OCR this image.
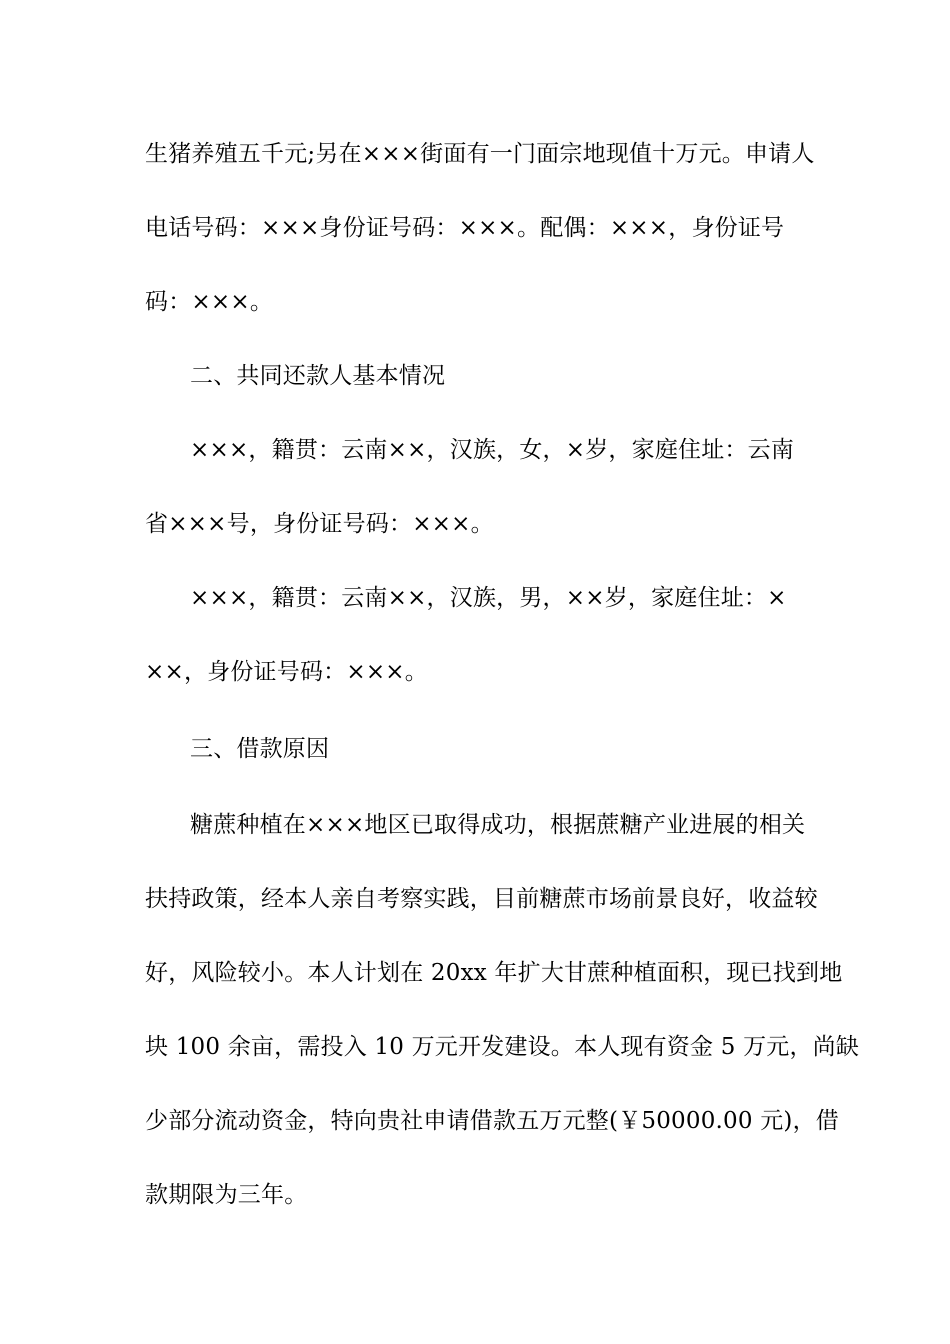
生猪养殖五千元;另在×××街面有一门面宗地现值十万元。申请人
电话号码：×××身份证号码：×××。配偶：×××，身份证号
码：×××。
二、共同还款人基本情况
×××，籍贯：云南××，汉族，女，×岁，家庭住址：云南
省×××号，身份证号码：×××。
×××，籍贯：云南××，汉族，男，××岁，家庭住址：×
××，身份证号码：×××。
三、借款原因
糖蔗种植在×××地区已取得成功，根据蔗糖产业进展的相关
扶持政策，经本人亲自考察实践，目前糖蔗市场前景良好，收益较
好，风险较小。本人计划在 20xx 年扩大甘蔗种植面积，现已找到地
块 100 余亩，需投入 10 万元开发建设。本人现有资金 5 万元，尚缺
少部分流动资金，特向贵社申请借款五万元整(￥50000.00 元)，借
款期限为三年。
